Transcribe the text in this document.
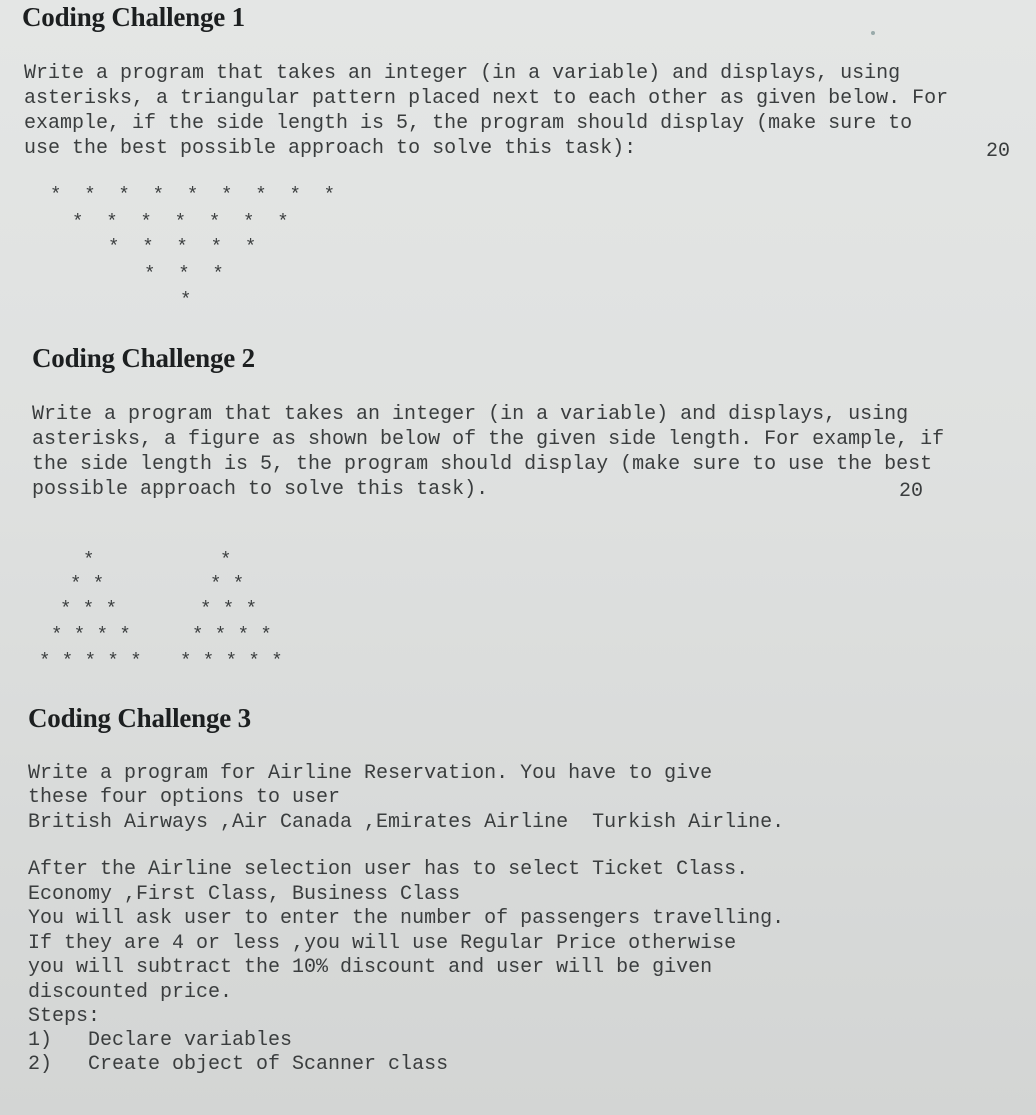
Coding Challenge 1

Write a program that takes an integer (in a variable) and displays, using

asterisks, a triangular pattern placed next to each other as given below. For

example, if the side length is 5, the program should display (make sure to

use the best possible approach to solve this task):	20
*  *  *  *  *  *  *  *  *
*  *  *  *  *  *  *
*  *  *  *  *
*  *  *
*
Coding Challenge 2

Write a program that takes an integer (in a variable) and displays, using

asterisks, a figure as shown below of the given side length. For example, if

the side length is 5, the program should display (make sure to use the best

possible approach to solve this task).	20
*
* *
* * *
* * * *
* * * * *
*
* *
* * *
* * * *
* * * * *
Coding Challenge 3

Write a program for Airline Reservation. You have to give

these four options to user

British Airways ,Air Canada ,Emirates Airline  Turkish Airline.

After the Airline selection user has to select Ticket Class.

Economy ,First Class, Business Class

You will ask user to enter the number of passengers travelling.

If they are 4 or less ,you will use Regular Price otherwise

you will subtract the 10% discount and user will be given

discounted price.

Steps:

1)   Declare variables

2)   Create object of Scanner class
